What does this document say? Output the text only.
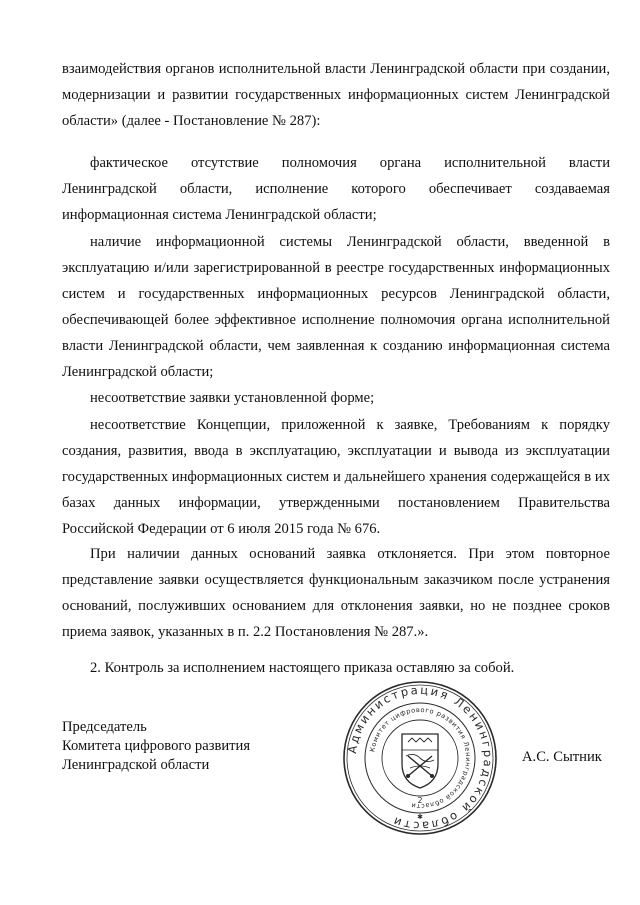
взаимодействия органов исполнительной власти Ленинградской области при создании, модернизации и развитии государственных информационных систем Ленинградской области» (далее - Постановление № 287):

фактическое отсутствие полномочия органа исполнительной власти Ленинградской области, исполнение которого обеспечивает создаваемая информационная система Ленинградской области;

наличие информационной системы Ленинградской области, введенной в эксплуатацию и/или зарегистрированной в реестре государственных информационных систем и государственных информационных ресурсов Ленинградской области, обеспечивающей более эффективное исполнение полномочия органа исполнительной власти Ленинградской области, чем заявленная к созданию информационная система Ленинградской области;

несоответствие заявки установленной форме;

несоответствие Концепции, приложенной к заявке, Требованиям к порядку создания, развития, ввода в эксплуатацию, эксплуатации и вывода из эксплуатации государственных информационных систем и дальнейшего хранения содержащейся в их базах данных информации, утвержденными постановлением Правительства Российской Федерации от 6 июля 2015 года № 676.

При наличии данных оснований заявка отклоняется. При этом повторное представление заявки осуществляется функциональным заказчиком после устранения оснований, послуживших основанием для отклонения заявки, но не позднее сроков приема заявок, указанных в п. 2.2 Постановления № 287.».

2. Контроль за исполнением настоящего приказа оставляю за собой.

Председатель
Комитета цифрового развития
Ленинградской области
Администрация Ленинградской области
Комитет цифрового развития Ленинградской области
2
✱
А.С. Сытник
